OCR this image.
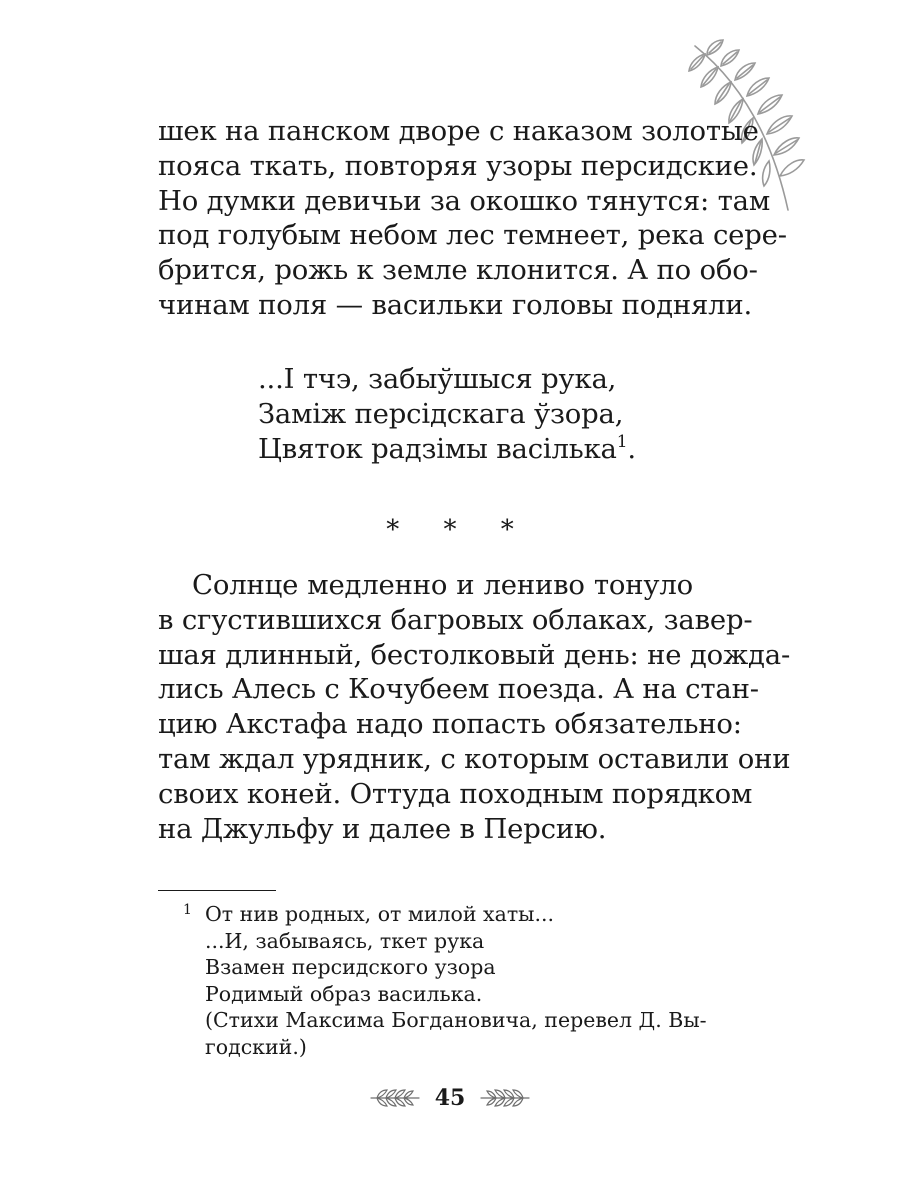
шек на панском дворе с наказом золотые
пояса ткать, повторяя узоры персидские.
Но думки девичьи за окошко тянутся: там
под голубым небом лес темнеет, река сере-
брится, рожь к земле клонится. А по обо-
чинам поля — васильки головы подняли.
...І тчэ, забыўшыся рука,
Заміж персідскага ўзора,
Цвяток радзімы васілька$^1$.
* * *
Солнце медленно и лениво тонуло
в сгустившихся багровых облаках, завер-
шая длинный, бестолковый день: не дожда-
лись Алесь с Кочубеем поезда. А на стан-
цию Акстафа надо попасть обязательно:
там ждал урядник, с которым оставили они
своих коней. Оттуда походным порядком
на Джульфу и далее в Персию.
1 От нив родных, от милой хаты...
...И, забываясь, ткет рука
Взамен персидского узора
Родимый образ василька.
(Стихи Максима Богдановича, перевел Д. Вы-
годский.)
45
